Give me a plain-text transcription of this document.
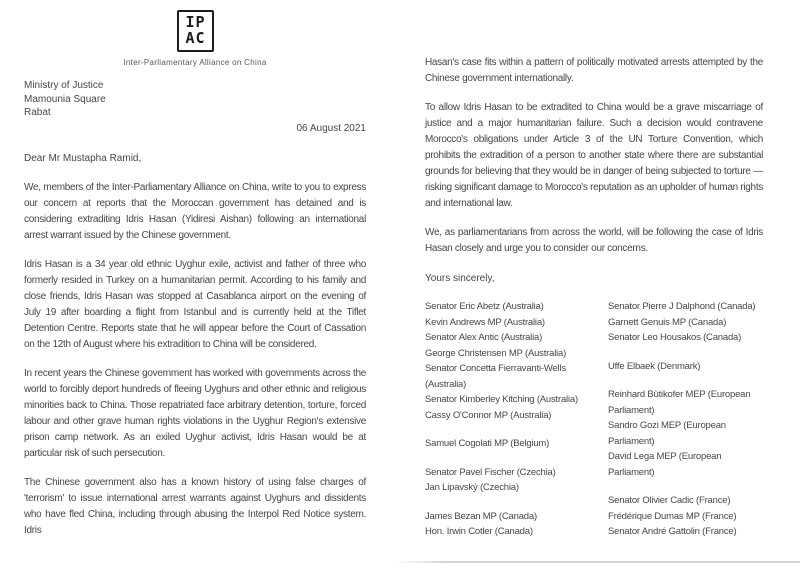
IP
AC
Inter-Parliamentary Alliance on China
Ministry of Justice
Mamounia Square
Rabat
06 August 2021
Dear Mr Mustapha Ramid,

We, members of the Inter-Parliamentary Alliance on China, write to you to express our concern at reports that the Moroccan government has detained and is considering extraditing Idris Hasan (Yidiresi Aishan) following an international arrest warrant issued by the Chinese government.

Idris Hasan is a 34 year old ethnic Uyghur exile, activist and father of three who formerly resided in Turkey on a humanitarian permit. According to his family and close friends, Idris Hasan was stopped at Casablanca airport on the evening of July 19 after boarding a flight from Istanbul and is currently held at the Tiflet Detention Centre. Reports state that he will appear before the Court of Cassation on the 12th of August where his extradition to China will be considered.

In recent years the Chinese government has worked with governments across the world to forcibly deport hundreds of fleeing Uyghurs and other ethnic and religious minorities back to China. Those repatriated face arbitrary detention, torture, forced labour and other grave human rights violations in the Uyghur Region's extensive prison camp network. As an exiled Uyghur activist, Idris Hasan would be at particular risk of such persecution.

The Chinese government also has a known history of using false charges of 'terrorism' to issue international arrest warrants against Uyghurs and dissidents who have fled China, including through abusing the Interpol Red Notice system. Idris

Hasan's case fits within a pattern of politically motivated arrests attempted by the Chinese government internationally.

To allow Idris Hasan to be extradited to China would be a grave miscarriage of justice and a major humanitarian failure. Such a decision would contravene Morocco's obligations under Article 3 of the UN Torture Convention, which prohibits the extradition of a person to another state where there are substantial grounds for believing that they would be in danger of being subjected to torture — risking significant damage to Morocco's reputation as an upholder of human rights and international law.

We, as parliamentarians from across the world, will be following the case of Idris Hasan closely and urge you to consider our concerns.

Yours sincerely,
Senator Eric Abetz (Australia)
Kevin Andrews MP (Australia)
Senator Alex Antic (Australia)
George Christensen MP (Australia)
Senator Concetta Fierravanti-Wells (Australia)
Senator Kimberley Kitching (Australia)
Cassy O'Connor MP (Australia)
Samuel Cogolati MP (Belgium)
Senator Pavel Fischer (Czechia)
Jan Lipavský (Czechia)
James Bezan MP (Canada)
Hon. Irwin Cotler (Canada)
Senator Pierre J Dalphond (Canada)
Garnett Genuis MP (Canada)
Senator Leo Housakos (Canada)
Uffe Elbaek (Denmark)
Reinhard Bütikofer MEP (European Parliament)
Sandro Gozi MEP (European Parliament)
David Lega MEP (European Parliament)
Senator Olivier Cadic (France)
Frédérique Dumas MP (France)
Senator André Gattolin (France)
